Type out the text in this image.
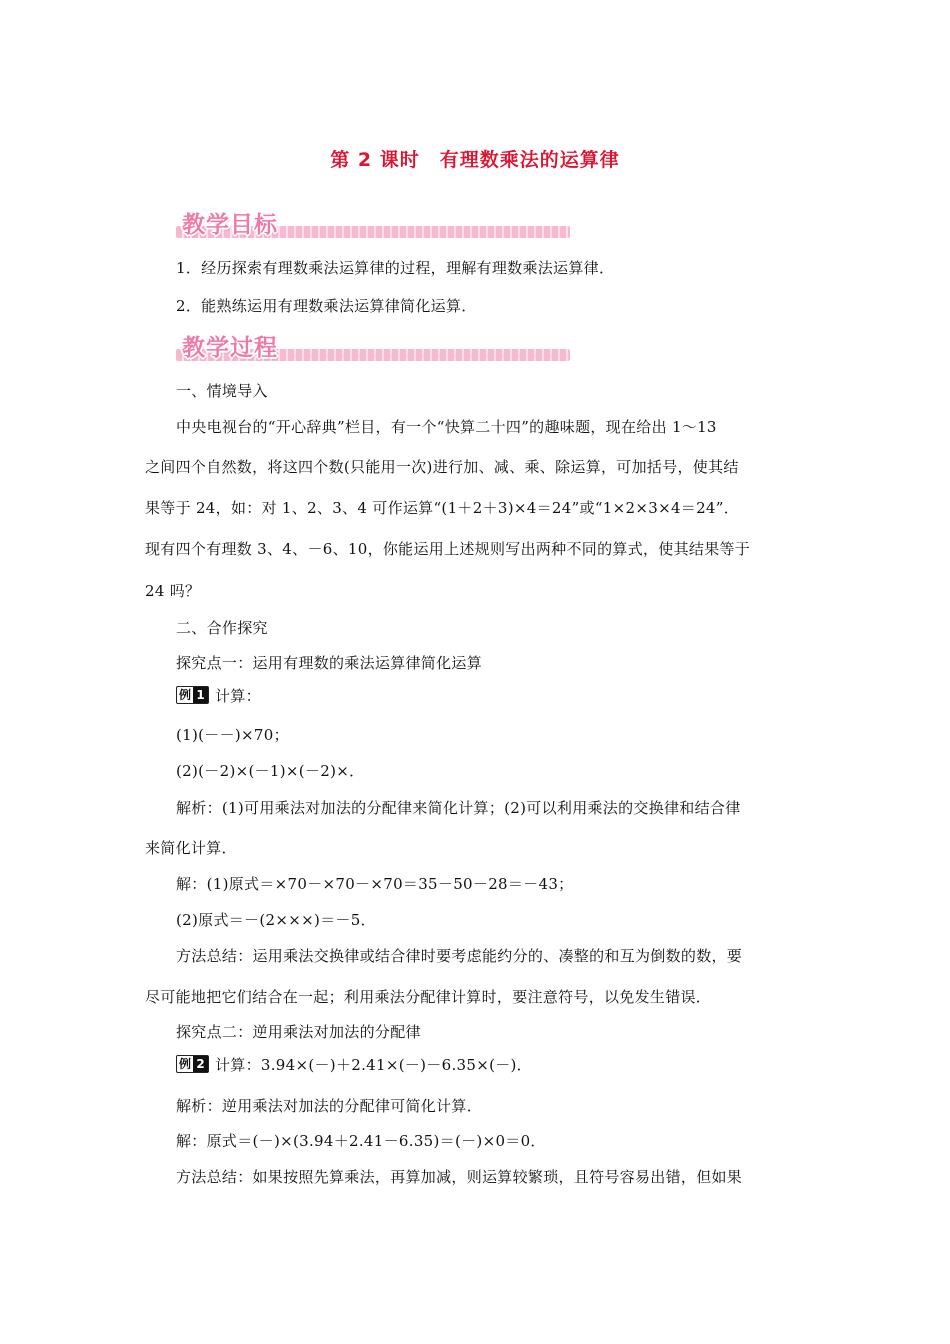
第 2 课时　有理数乘法的运算律
教学目标
1．经历探索有理数乘法运算律的过程，理解有理数乘法运算律．
2．能熟练运用有理数乘法运算律简化运算．
教学过程
一、情境导入
中央电视台的“开心辞典”栏目，有一个“快算二十四”的趣味题，现在给出 1～13
之间四个自然数，将这四个数(只能用一次)进行加、减、乘、除运算，可加括号，使其结
果等于 24，如：对 1、2、3、4 可作运算“(1＋2＋3)×4＝24”或“1×2×3×4＝24”．
现有四个有理数 3、4、－6、10，你能运用上述规则写出两种不同的算式，使其结果等于
24 吗？
二、合作探究
探究点一：运用有理数的乘法运算律简化运算
例 1 计算：
(1)(－－)×70；
(2)(－2)×(－1)×(－2)×．
解析：(1)可用乘法对加法的分配律来简化计算；(2)可以利用乘法的交换律和结合律
来简化计算．
解：(1)原式＝×70－×70－×70＝35－50－28＝－43；
(2)原式＝－(2×××)＝－5．
方法总结：运用乘法交换律或结合律时要考虑能约分的、凑整的和互为倒数的数，要
尽可能地把它们结合在一起；利用乘法分配律计算时，要注意符号，以免发生错误．
探究点二：逆用乘法对加法的分配律
例 2 计算：3.94×(－)＋2.41×(－)－6.35×(－)．
解析：逆用乘法对加法的分配律可简化计算．
解：原式＝(－)×(3.94＋2.41－6.35)＝(－)×0＝0．
方法总结：如果按照先算乘法，再算加减，则运算较繁琐，且符号容易出错，但如果
